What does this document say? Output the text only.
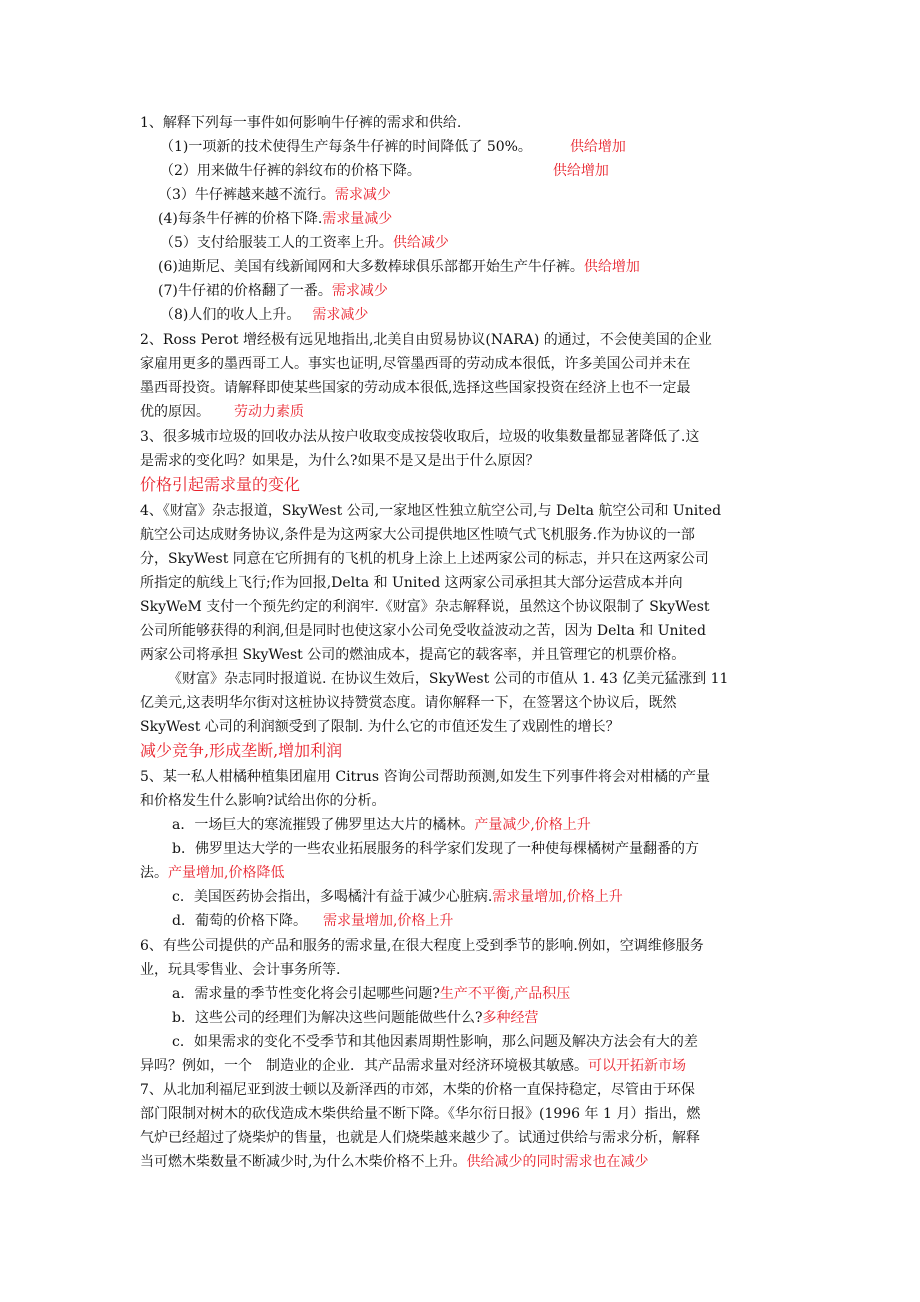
1、解释下列每一事件如何影响牛仔裤的需求和供给.
（1)一项新的技术使得生产每条牛仔裤的时间降低了 50%。	供给增加
（2）用来做牛仔裤的斜纹布的价格下降。	供给增加
（3）牛仔裤越来越不流行。需求减少
(4)每条牛仔裤的价格下降.需求量减少
（5）支付给服装工人的工资率上升。供给减少
(6)迪斯尼、美国有线新闻网和大多数棒球俱乐部都开始生产牛仔裤。供给增加
(7)牛仔裙的价格翻了一番。需求减少
（8)人们的收人上升。 需求减少
2、Ross Perot 增经极有远见地指出,北美自由贸易协议(NARA) 的通过，不会使美国的企业
家雇用更多的墨西哥工人。事实也证明,尽管墨西哥的劳动成本很低，许多美国公司并未在
墨西哥投资。请解释即使某些国家的劳动成本很低,选择这些国家投资在经济上也不一定最
优的原因。 劳动力素质
3、很多城市垃圾的回收办法从按户收取变成按袋收取后，垃圾的收集数量都显著降低了.这
是需求的变化吗？如果是，为什么?如果不是又是出于什么原因？
价格引起需求量的变化
4、《财富》杂志报道，SkyWest 公司,一家地区性独立航空公司,与 Delta 航空公司和 United
航空公司达成财务协议,条件是为这两家大公司提供地区性喷气式飞机服务.作为协议的一部
分，SkyWest 同意在它所拥有的飞机的机身上涂上上述两家公司的标志，并只在这两家公司
所指定的航线上飞行;作为回报,Delta 和 United 这两家公司承担其大部分运营成本并向
SkyWeM 支付一个预先约定的利润牢.《财富》杂志解释说，虽然这个协议限制了 SkyWest
公司所能够获得的利润,但是同时也使这家小公司免受收益波动之苦，因为 Delta 和 United
两家公司将承担 SkyWest 公司的燃油成本，提高它的载客率，并且管理它的机票价格。
《财富》杂志同时报道说. 在协议生效后，SkyWest 公司的市值从 1. 43 亿美元猛涨到 11
亿美元,这表明华尔街对这桩协议持赞赏态度。请你解释一下，在签署这个协议后，既然
SkyWest 心司的利润额受到了限制. 为什么它的市值还发生了戏剧性的增长？
减少竞争,形成垄断,增加利润
5、某一私人柑橘种植集团雇用 Citrus 咨询公司帮助预测,如发生下列事件将会对柑橘的产量
和价格发生什么影响?试给出你的分析。
a．一场巨大的寒流摧毁了佛罗里达大片的橘林。产量减少,价格上升
b．佛罗里达大学的一些农业拓展服务的科学家们发现了一种使每棵橘树产量翻番的方
法。产量增加,价格降低
c．美国医药协会指出，多喝橘汁有益于减少心脏病.需求量增加,价格上升
d．葡萄的价格下降。 需求量增加,价格上升
6、有些公司提供的产品和服务的需求量,在很大程度上受到季节的影响.例如，空调维修服务
业，玩具零售业、会计事务所等.
a．需求量的季节性变化将会引起哪些问题?生产不平衡,产品积压
b．这些公司的经理们为解决这些问题能做些什么?多种经营
c．如果需求的变化不受季节和其他因素周期性影响，那么问题及解决方法会有大的差
异吗？例如，一个　制造业的企业．其产品需求量对经济环境极其敏感。可以开拓新市场
7、从北加利福尼亚到波士顿以及新泽西的市郊，木柴的价格一直保持稳定，尽管由于环保
部门限制对树木的砍伐造成木柴供给量不断下降。《华尔衍日报》(1996 年 1 月）指出，燃
气炉已经超过了烧柴炉的售量，也就是人们烧柴越来越少了。试通过供给与需求分析，解释
当可燃木柴数量不断减少时,为什么木柴价格不上升。供给减少的同时需求也在减少
